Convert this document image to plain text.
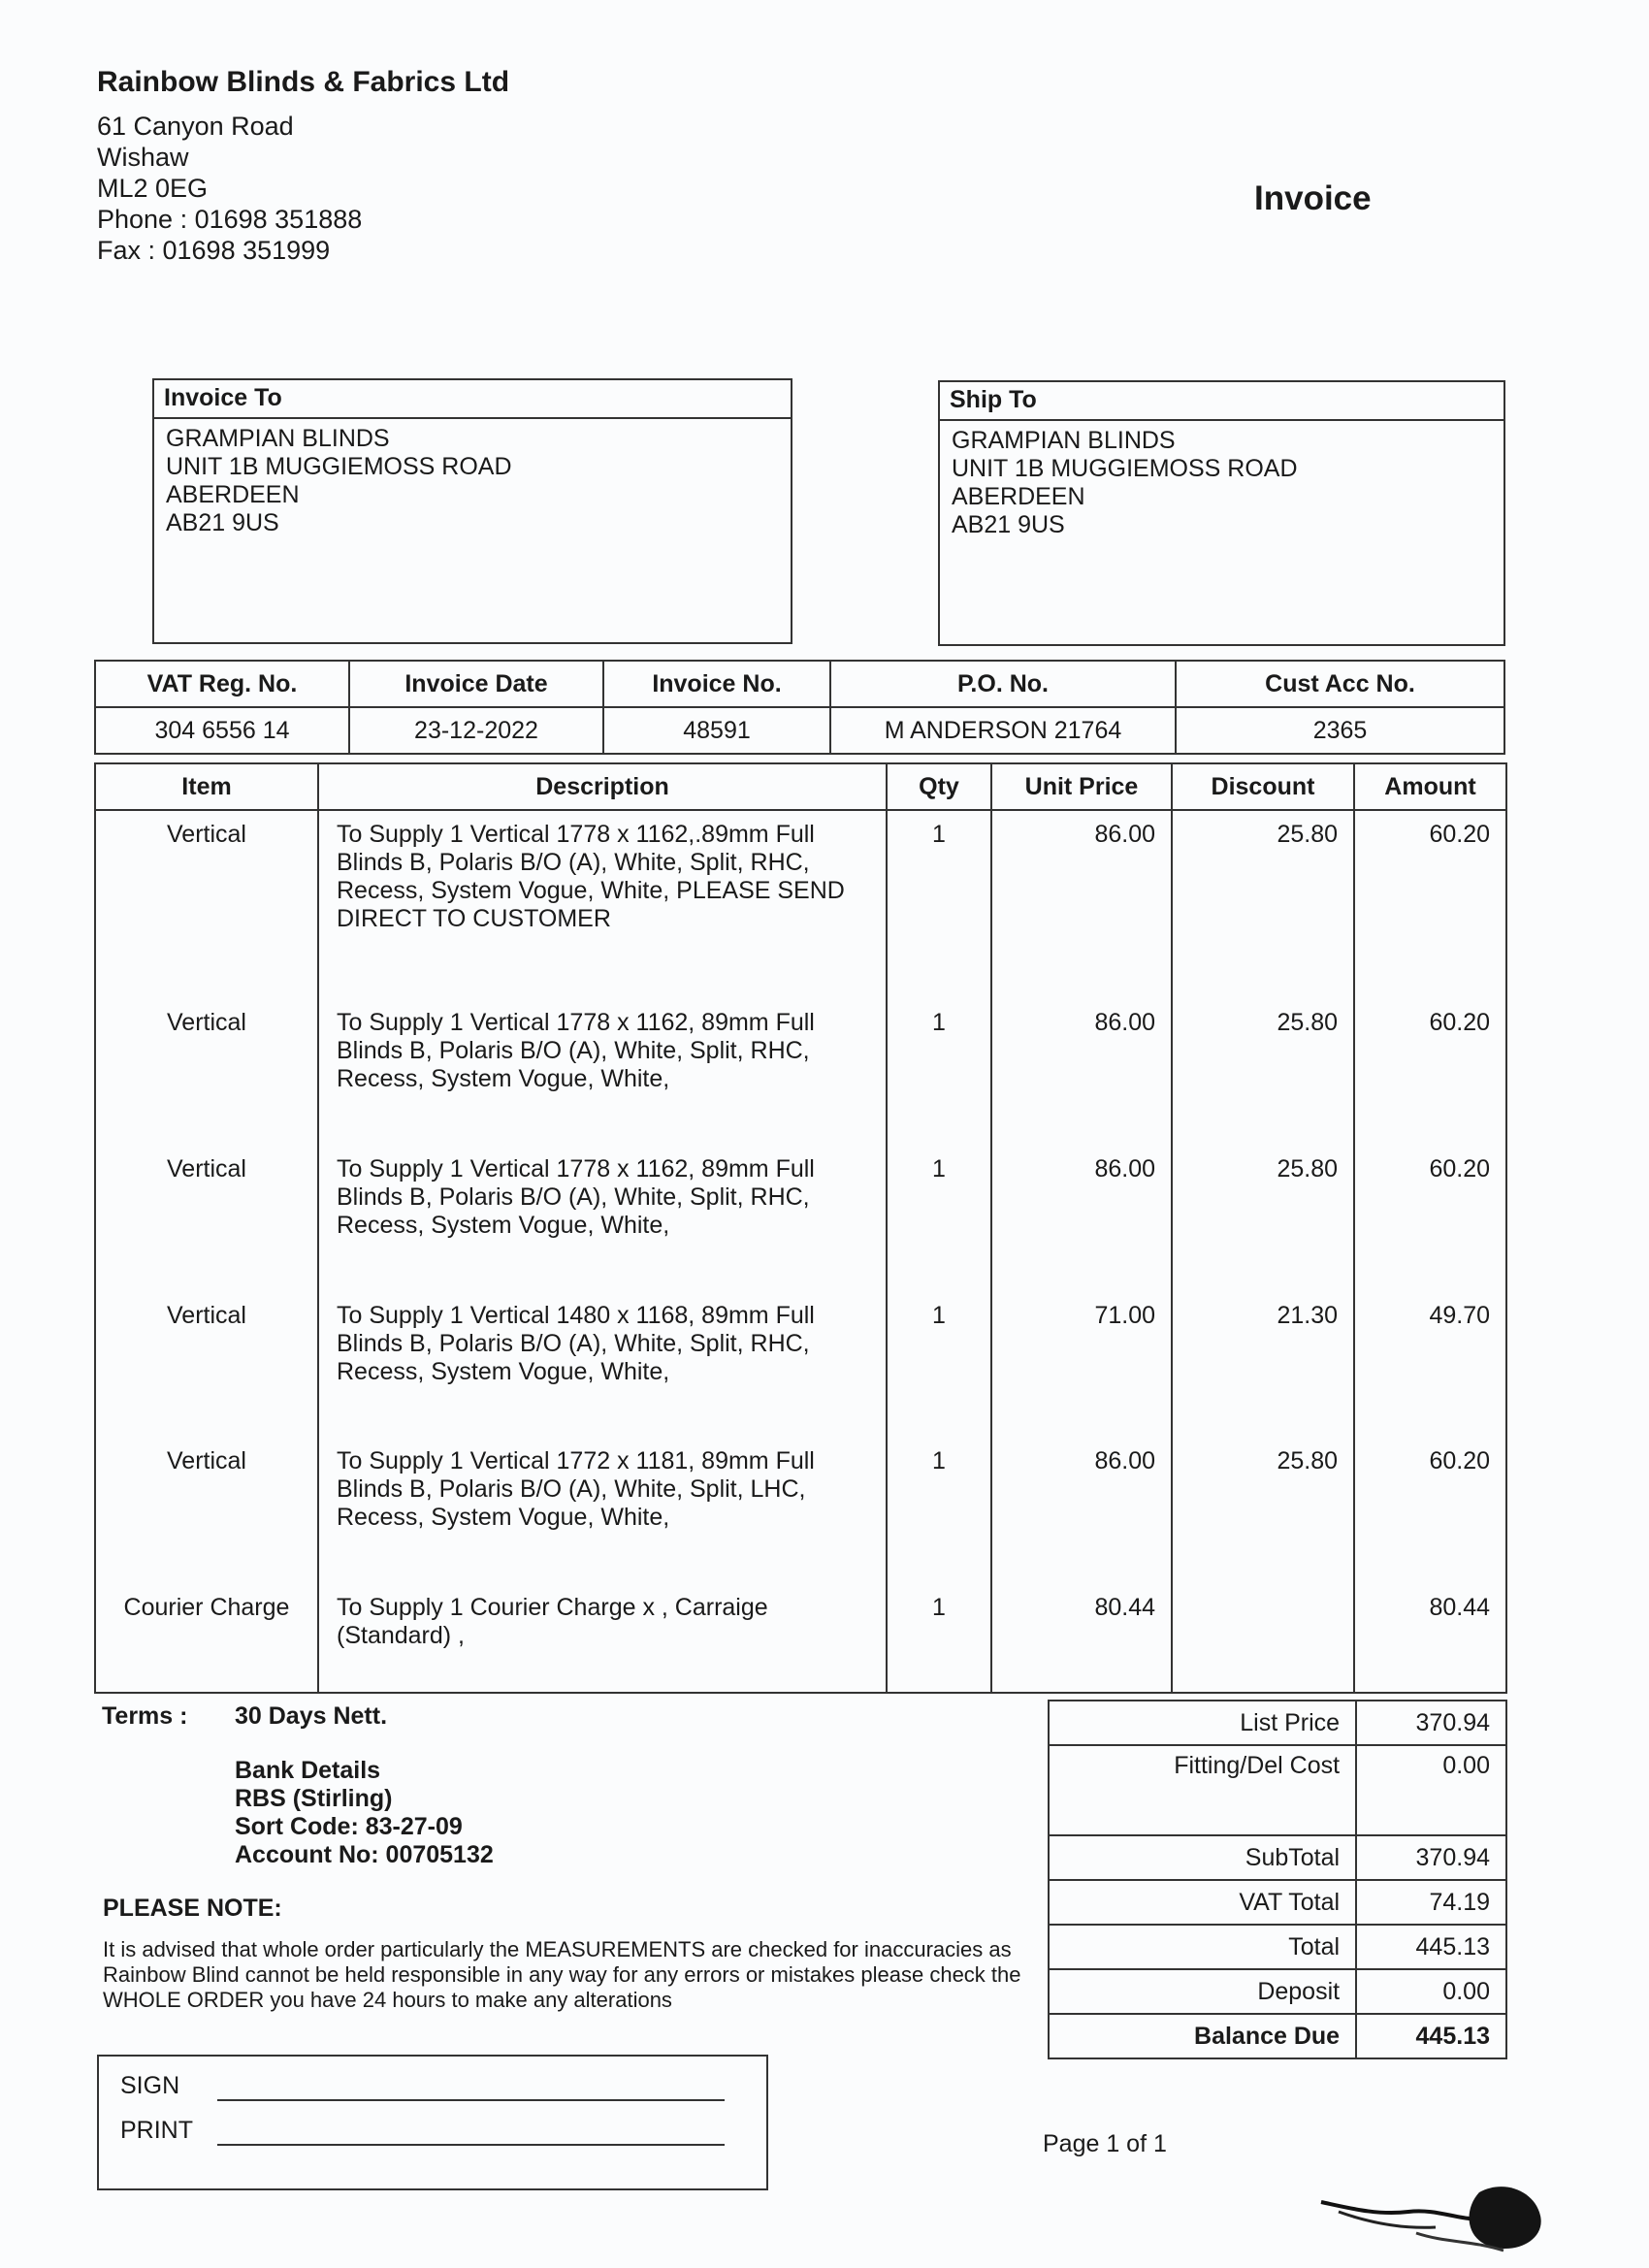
Rainbow Blinds & Fabrics Ltd
61 Canyon Road
Wishaw
ML2 0EG
Phone : 01698 351888
Fax : 01698 351999
Invoice
Invoice To
GRAMPIAN BLINDS
UNIT 1B MUGGIEMOSS ROAD
ABERDEEN
AB21 9US
Ship To
GRAMPIAN BLINDS
UNIT 1B MUGGIEMOSS ROAD
ABERDEEN
AB21 9US
VAT Reg. No.	Invoice Date	Invoice No.	P.O. No.	Cust Acc No.
304 6556 14	23-12-2022	48591	M ANDERSON 21764	2365
Item	Description	Qty	Unit Price	Discount	Amount
Vertical	To Supply 1 Vertical 1778 x 1162,.89mm Full Blinds B, Polaris B/O (A), White, Split, RHC, Recess, System Vogue, White, PLEASE SEND DIRECT TO CUSTOMER	1	86.00	25.80	60.20
Vertical	To Supply 1 Vertical 1778 x 1162, 89mm Full Blinds B, Polaris B/O (A), White, Split, RHC, Recess, System Vogue, White,	1	86.00	25.80	60.20
Vertical	To Supply 1 Vertical 1778 x 1162, 89mm Full Blinds B, Polaris B/O (A), White, Split, RHC, Recess, System Vogue, White,	1	86.00	25.80	60.20
Vertical	To Supply 1 Vertical 1480 x 1168, 89mm Full Blinds B, Polaris B/O (A), White, Split, RHC, Recess, System Vogue, White,	1	71.00	21.30	49.70
Vertical	To Supply 1 Vertical 1772 x 1181, 89mm Full Blinds B, Polaris B/O (A), White, Split, LHC, Recess, System Vogue, White,	1	86.00	25.80	60.20
Courier Charge	To Supply 1 Courier Charge x , Carraige (Standard) ,	1	80.44		80.44

Terms : 30 Days Nett.
Bank Details
RBS (Stirling)
Sort Code: 83-27-09
Account No: 00705132
PLEASE NOTE:
It is advised that whole order particularly the MEASUREMENTS are checked for inaccuracies as Rainbow Blind cannot be held responsible in any way for any errors or mistakes please check the WHOLE ORDER you have 24 hours to make any alterations
List Price	370.94
Fitting/Del Cost	0.00
SubTotal	370.94
VAT Total	74.19
Total	445.13
Deposit	0.00
Balance Due	445.13
SIGN
PRINT	Page 1 of 1
